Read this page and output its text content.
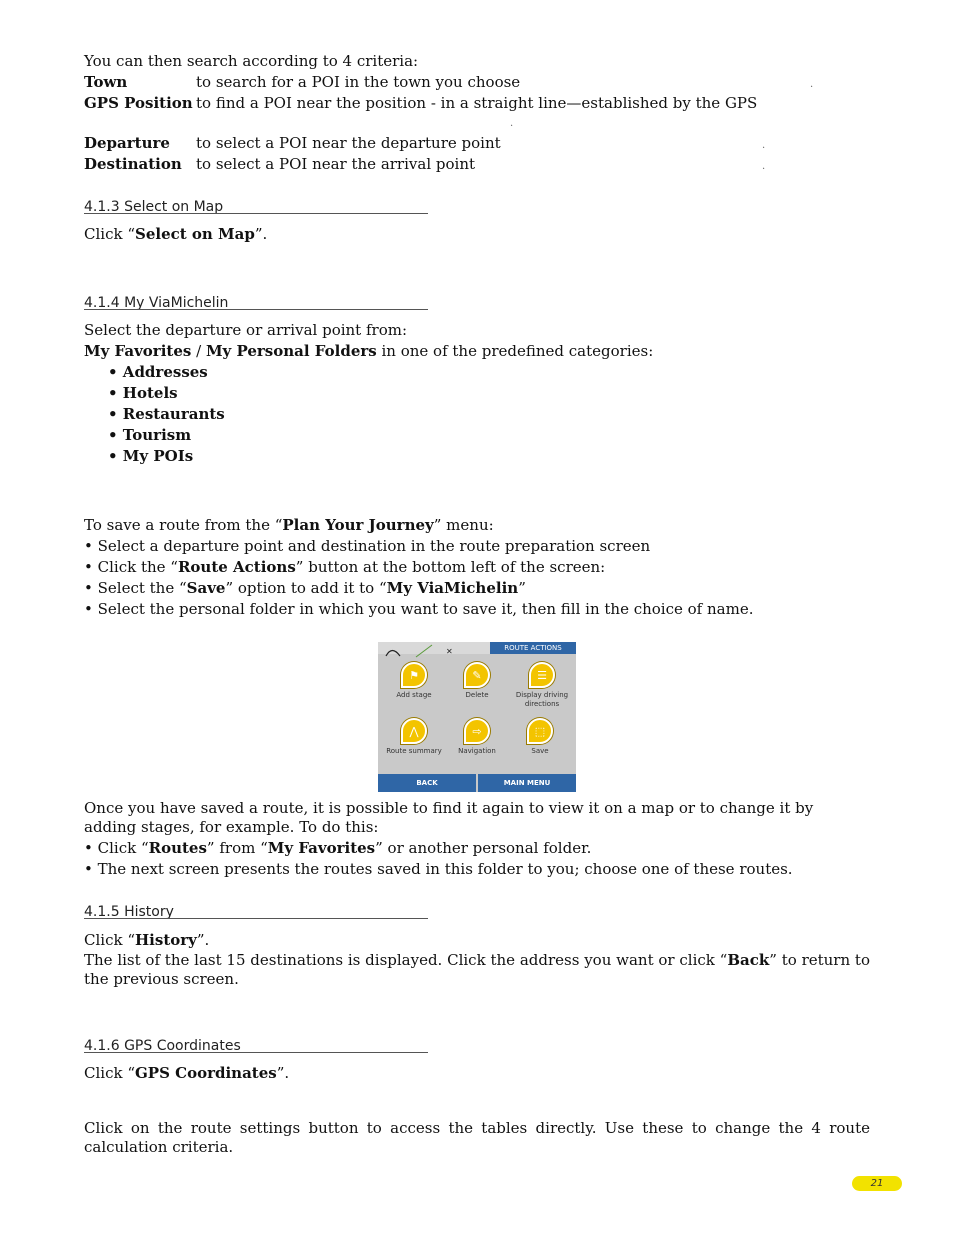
You can then search according to 4 criteria:
Town	to search for a POI in the town you choose	.
GPS Position to find a POI near the position - in a straight line—established by the GPS
.
Departure to select a POI near the departure point	.
Destination to select a POI near the arrival point	.
4.1.3 Select on Map
Click “Select on Map”.
4.1.4 My ViaMichelin
Select the departure or arrival point from:
My Favorites / My Personal Folders in one of the predefined categories:
• Addresses
• Hotels
• Restaurants
• Tourism
• My POIs
To save a route from the “Plan Your Journey” menu:
• Select a departure point and destination in the route preparation screen
• Click the “Route Actions” button at the bottom left of the screen:
• Select the “Save” option to add it to “My ViaMichelin”
• Select the personal folder in which you want to save it, then fill in the choice of name.
✕	ROUTE ACTIONS
⚑
Add stage
✎
Delete
☰
Display driving directions
⋀
Route summary
⇨
Navigation
⬚
Save
BACK	MAIN MENU
Once you have saved a route, it is possible to find it again to view it on a map or to change it by adding stages, for example. To do this:
• Click “Routes” from “My Favorites” or another personal folder.
• The next screen presents the routes saved in this folder to you; choose one of these routes.
4.1.5 History
Click “History”.
The list of the last 15 destinations is displayed. Click the address you want or click “Back” to return to the previous screen.
4.1.6 GPS Coordinates
Click “GPS Coordinates”.
Click on the route settings button to access the tables directly. Use these to change the 4 route calculation criteria.
21
